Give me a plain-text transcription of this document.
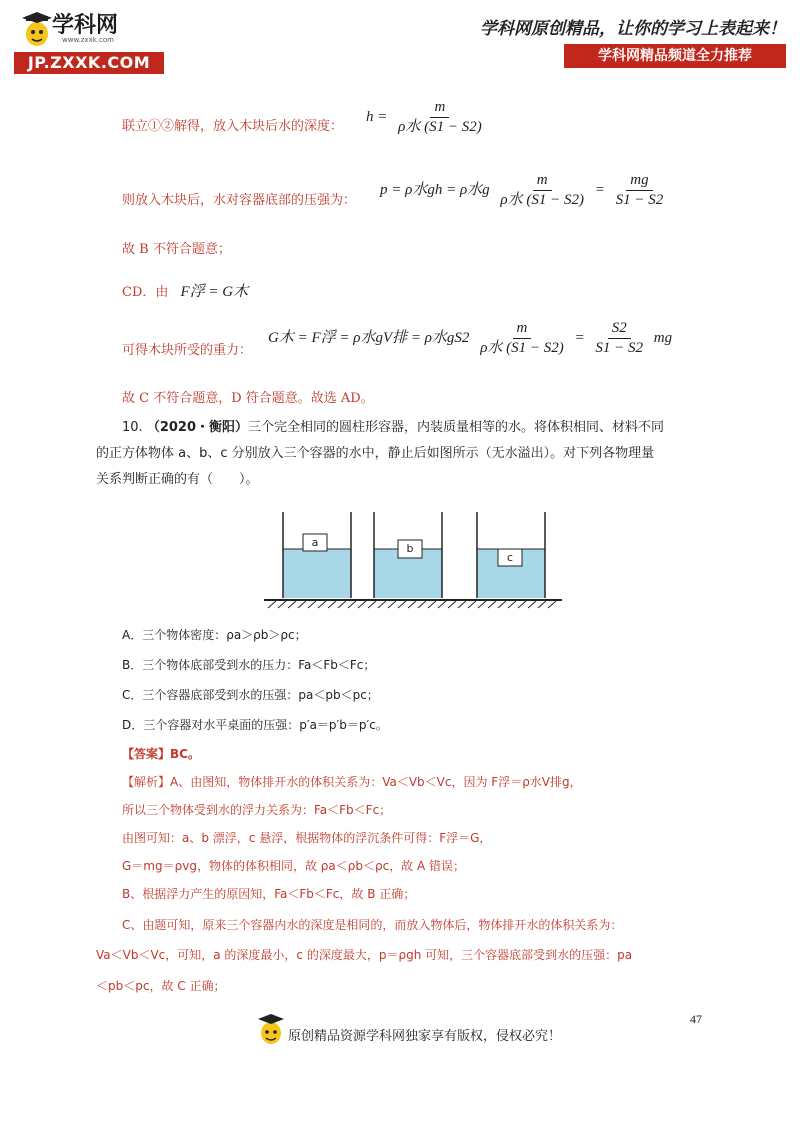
学科网
www.zxxk.com
JP.ZXXK.COM
学科网原创精品，让你的学习上表起来！
学科网精品频道全力推荐
联立①②解得，放入木块后水的深度：
$h = \frac{m}{\text{ρ水 (S1 − S2)}}$
则放入木块后，水对容器底部的压强为：
p = ρ水gh = ρ水g $\frac{m}{\text{ρ水 (S1 − S2)}} = \frac{mg}{S1 - S2}$
故 B 不符合题意；
CD．由 F浮 = G木
可得木块所受的重力：
G木 = F浮 = ρ水gV排 = ρ水$gS2 \frac{m}{\text{ρ水 (S1 − S2)}} = \frac{S2}{S1 - S2}$ mg
故 C 不符合题意，D 符合题意。故选 AD。
10. （2020・衡阳）三个完全相同的圆柱形容器，内装质量相等的水。将体积相同、材料不同
的正方体物体 a、b、c 分别放入三个容器的水中，静止后如图所示（无水溢出）。对下列各物理量
关系判断正确的有（　　）。
a	b
c
A．三个物体密度：ρa＞ρb＞ρc；
B．三个物体底部受到水的压力：Fa＜Fb＜Fc；
C．三个容器底部受到水的压强：pa＜pb＜pc；
D．三个容器对水平桌面的压强：p′a＝p′b＝p′c。
【答案】BC。
【解析】A、由图知，物体排开水的体积关系为：Va＜Vb＜Vc，因为 F浮＝ρ水V排g，
所以三个物体受到水的浮力关系为：Fa＜Fb＜Fc；
由图可知：a、b 漂浮，c 悬浮，根据物体的浮沉条件可得：F浮＝G，
G＝mg＝ρvg，物体的体积相同，故 ρa＜ρb＜ρc，故 A 错误；
B、根据浮力产生的原因知，Fa＜Fb＜Fc，故 B 正确；
C、由题可知，原来三个容器内水的深度是相同的，而放入物体后，物体排开水的体积关系为：
Va＜Vb＜Vc，可知，a 的深度最小，c 的深度最大，p＝ρgh 可知，三个容器底部受到水的压强：pa
＜pb＜pc，故 C 正确；
47
原创精品资源学科网独家享有版权，侵权必究！
